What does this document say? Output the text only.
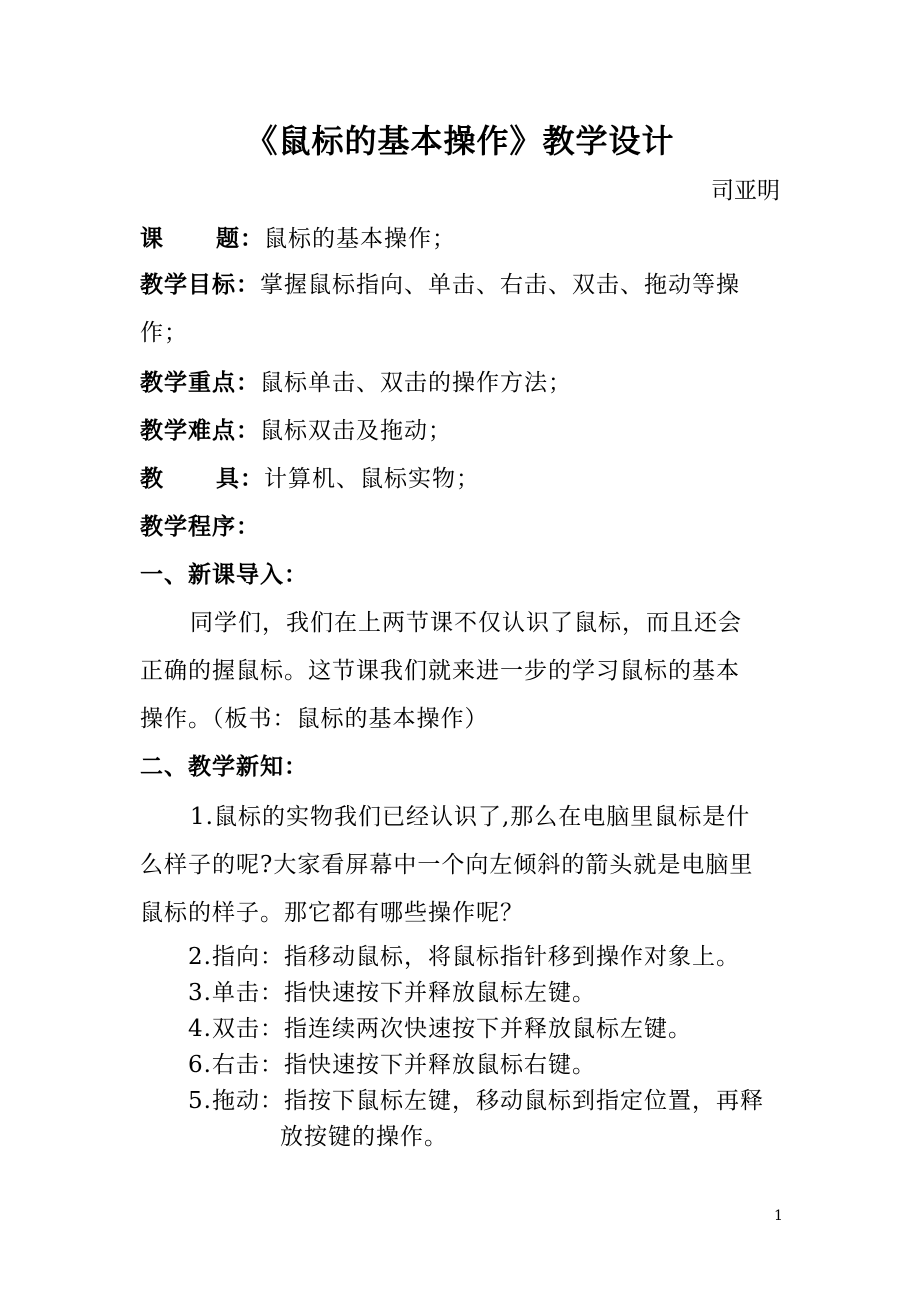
《鼠标的基本操作》教学设计
司亚明
课 题：鼠标的基本操作；
教学目标：掌握鼠标指向、单击、右击、双击、拖动等操
作；
教学重点：鼠标单击、双击的操作方法；
教学难点：鼠标双击及拖动；
教 具：计算机、鼠标实物；
教学程序：
一、新课导入：
同学们，我们在上两节课不仅认识了鼠标，而且还会
正确的握鼠标。这节课我们就来进一步的学习鼠标的基本
操作。（板书：鼠标的基本操作）
二、教学新知：
1.鼠标的实物我们已经认识了,那么在电脑里鼠标是什
么样子的呢?大家看屏幕中一个向左倾斜的箭头就是电脑里
鼠标的样子。那它都有哪些操作呢？
2.指向：指移动鼠标，将鼠标指针移到操作对象上。
3.单击：指快速按下并释放鼠标左键。
4.双击：指连续两次快速按下并释放鼠标左键。
6.右击：指快速按下并释放鼠标右键。
5.拖动：指按下鼠标左键，移动鼠标到指定位置，再释
放按键的操作。
1
